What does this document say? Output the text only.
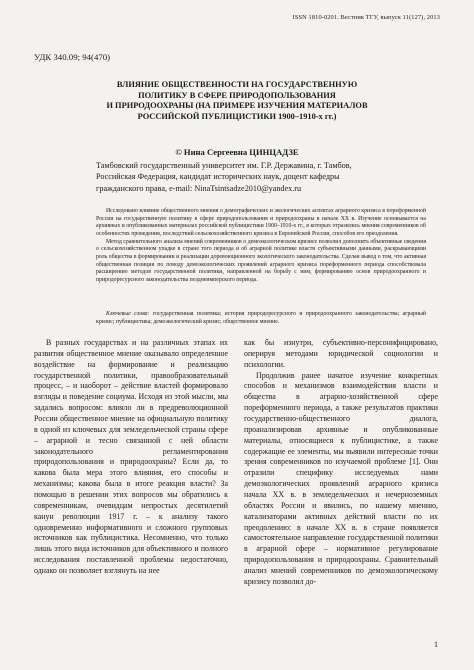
ISSN 1810-0201. Вестник ТГУ, выпуск 11(127), 2013
УДК 340.09; 94(470)
ВЛИЯНИЕ ОБЩЕСТВЕННОСТИ НА ГОСУДАРСТВЕННУЮ
ПОЛИТИКУ В СФЕРЕ ПРИРОДОПОЛЬЗОВАНИЯ
И ПРИРОДООХРАНЫ (НА ПРИМЕРЕ ИЗУЧЕНИЯ МАТЕРИАЛОВ
РОССИЙСКОЙ ПУБЛИЦИСТИКИ 1900–1910-х гг.)
© Нина Сергеевна ЦИНЦАДЗЕ
Тамбовский государственный университет им. Г.Р. Державина, г. Тамбов,
Российская Федерация, кандидат исторических наук, доцент кафедры
гражданского права, e-mail: NinaTsintsadze2010@yandex.ru

Исследовано влияние общественного мнения о демографических и экологических аспектах аграрного кризиса в пореформенной России на государственную политику в сфере природопользования и природоохраны в начале XX в. Изучение основывается на архивных и опубликованных материалах российской публицистики 1900–1910-х гг., в которых отразились мнения современников об особенностях проведения, последствий сельскохозяйственного кризиса в Европейской России, способов его преодоления.

Метод сравнительного анализа мнений современников о демоэкологическом кризисе позволил дополнить объективные сведения о сельскохозяйственном упадке в стране того периода и об аграрной политике власти субъективными данными, раскрывающими роль общества в формировании и реализации доревоюционного экологического законодательства. Сделан вывод о том, что активная общественная позиция по поводу демоэкологических проявлений аграрного кризиса пореформенного периода способствовала расширению методов государственной политики, направленной на борьбу с ним, формированию основ природоохранного и природоресурсного законодательства позднеимперского периода.

Ключевые слова: государственная политика; история природоресурсного и природоохранного законодательства; аграрный кризис; публицистика; демоэкологический кризис; общественное мнение.

В разных государствах и на различных этапах их развития общественное мнение оказывало определенное воздействие на формирование и реализацию государственной политики, правообразовательный процесс, – и наоборот – действие властей формировало взгляды и поведение социума. Исходя из этой мысли, мы задались вопросом: влияло ли в предреволюционной России общественное мнение на официальную политику в одной из ключевых для земледельческой страны сфере – аграрной и тесно связанной с ней области законодательного регламентирования природопользования и природоохраны? Если да, то какова была мера этого влияния, его способы и механизмы; какова была в итоге реакция власти? За помощью в решении этих вопросов мы обратились к современникам, очевидцам непростых десятилетий канун революции 1917 г. – к анализу такого одновременно информативного и сложного групповых источников как публицистика. Несомненно, что только лишь этого вида источников для объективного и полного исследования поставленной проблемы недостаточно, однако он позволяет взглянуть на нее

как бы изнутри, субъективно-персонифицировано, оперируя методами юридической социологии и психологии.

Продолжив ранее начатое изучение конкретных способов и механизмов взаимодействия власти и общества в аграрно-хозяйственной сфере пореформенного периода, а также результатов практики государственно-общественного диалога, проанализировав архивные и опубликованные материалы, относящиеся к публицистике, а также содержащие ее элементы, мы выявили интересные точки зрения современников по изучаемой проблеме [1]. Они отразили специфику исследуемых нами демоэкологических проявлений аграрного кризиса начала XX в. в земледельческих и нечерноземных областях России и явились, по нашему мнению, катализаторами активных действий власти по их преодолению: в начале XX в. в стране появляется самостоятельное направление государственной политики в аграрной сфере – нормативное регулирование природопользования и природоохраны. Сравнительный анализ мнений современников по демоэкологическому кризису позволил до-

1
